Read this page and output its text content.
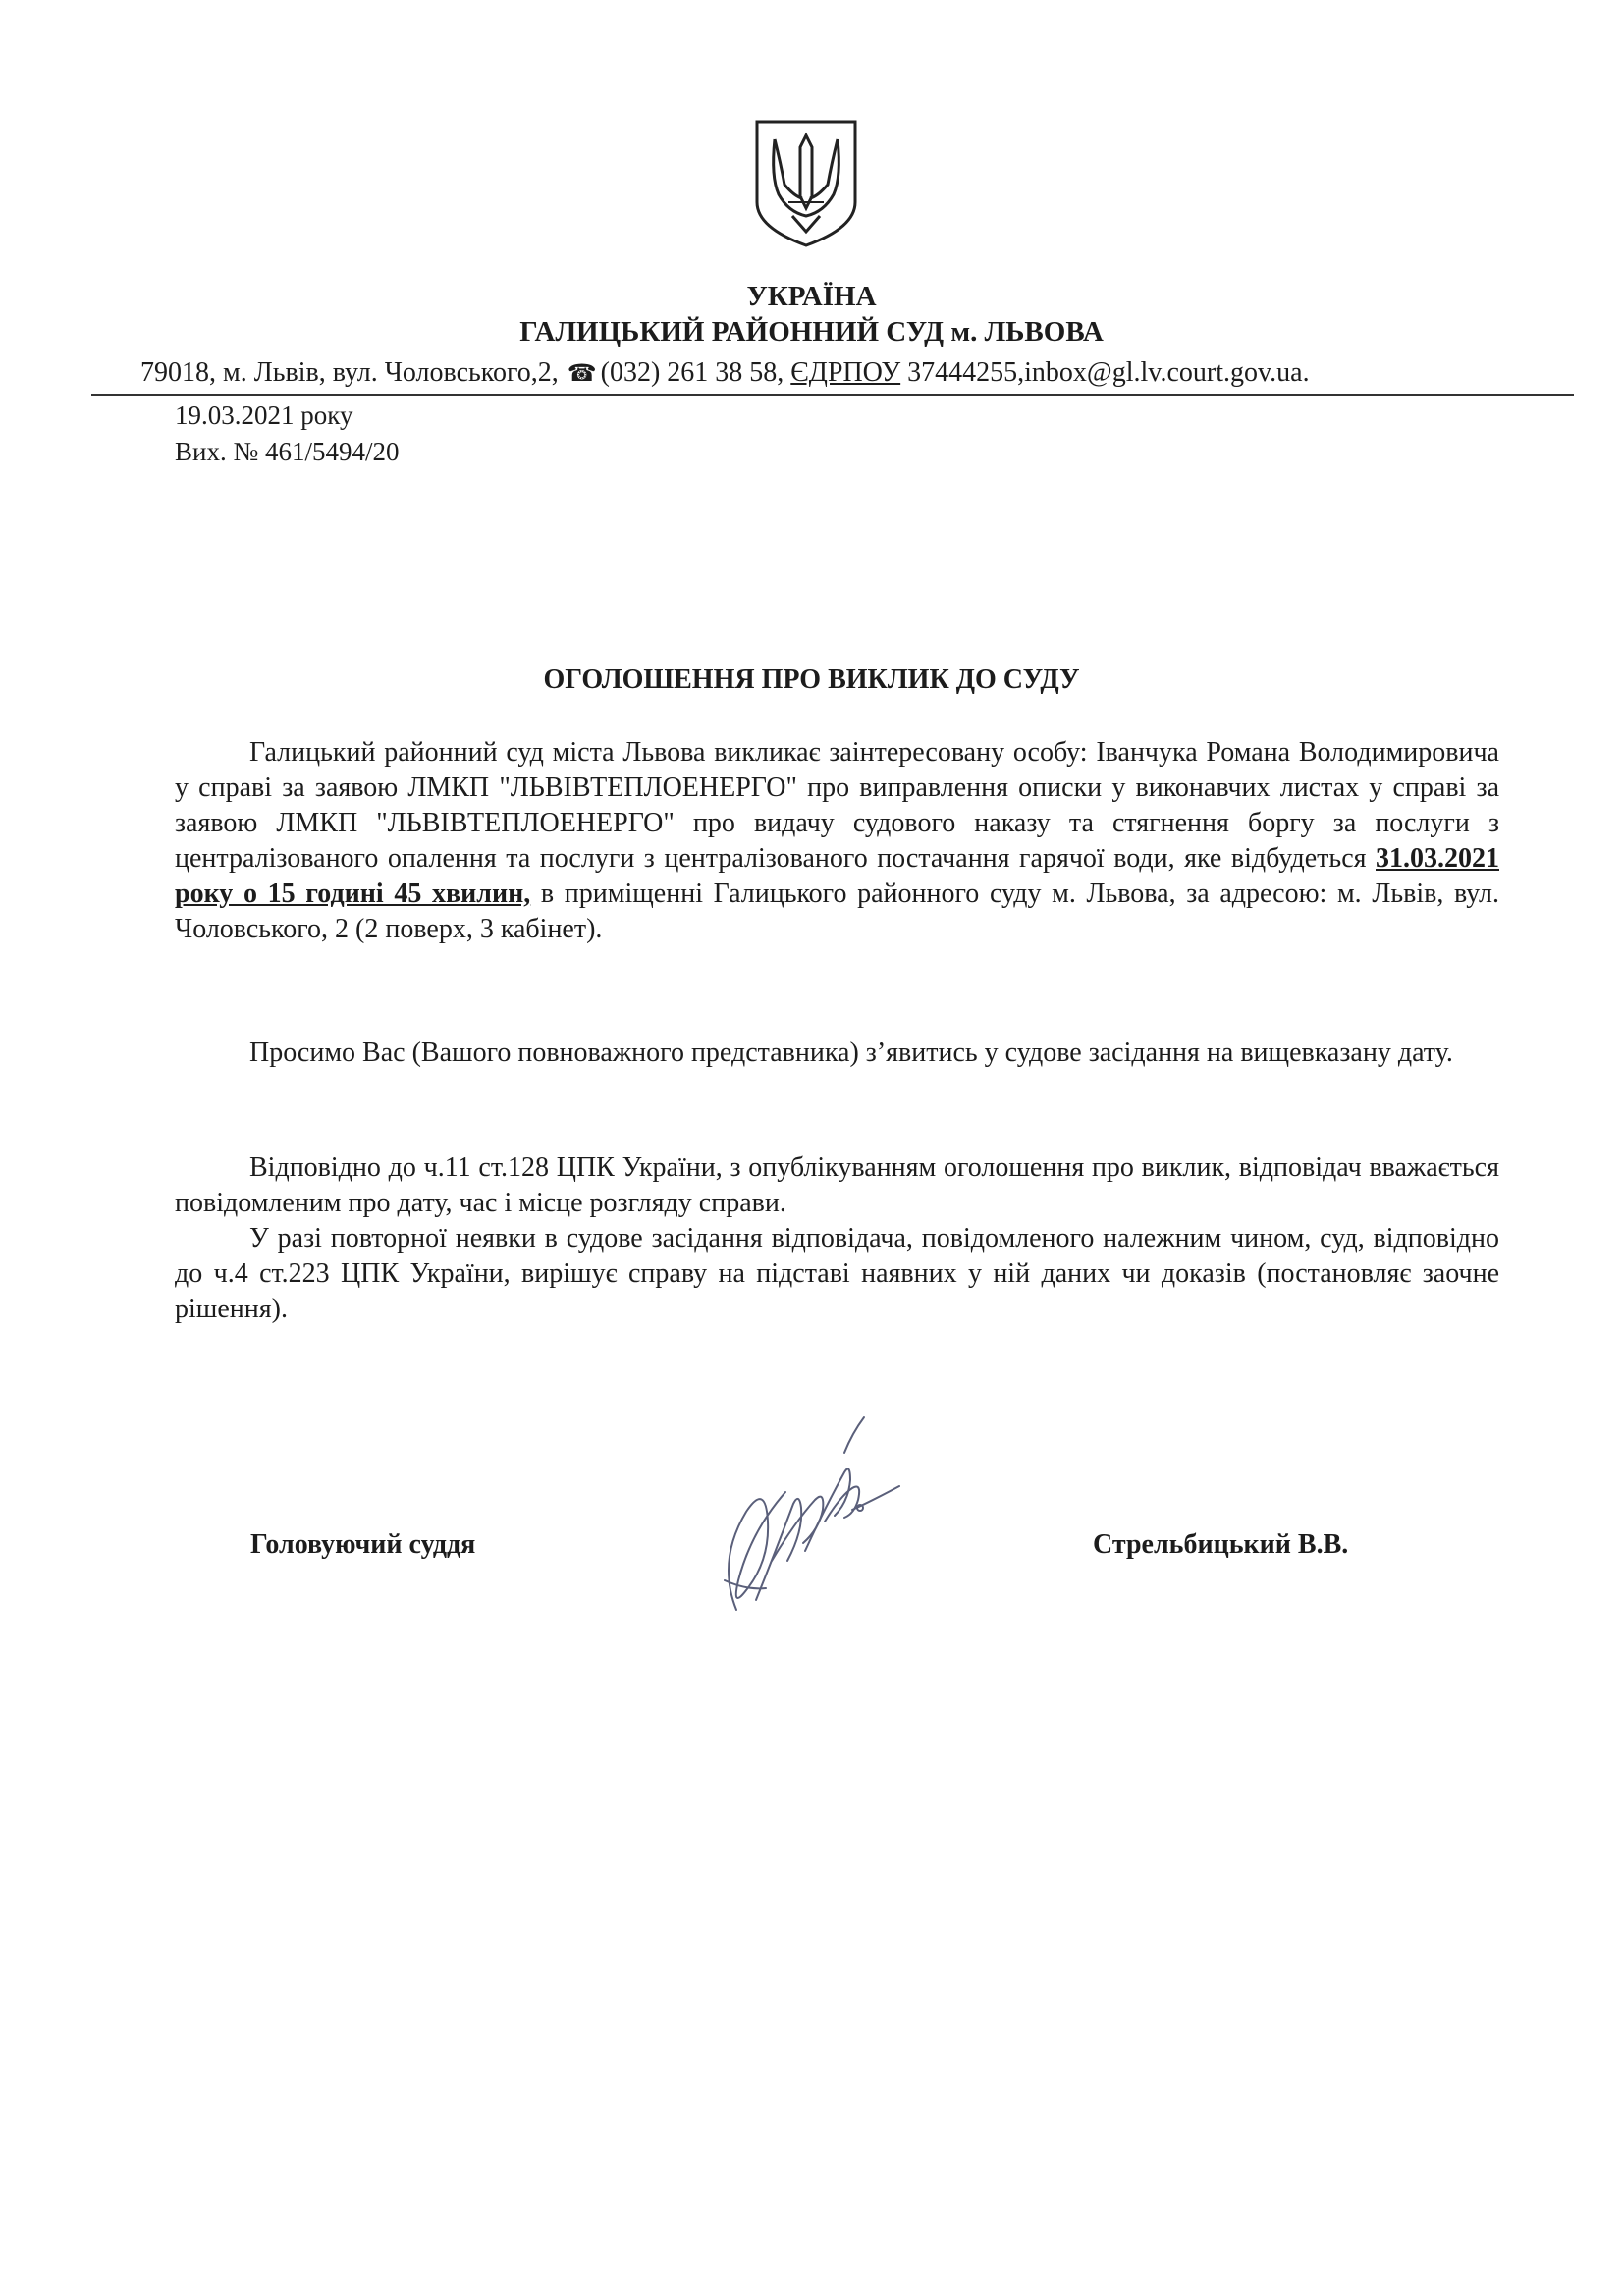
УКРАЇНА
ГАЛИЦЬКИЙ РАЙОННИЙ СУД м. ЛЬВОВА
79018, м. Львів, вул. Чоловського,2, ☎ (032) 261 38 58, ЄДРПОУ 37444255,inbox@gl.lv.court.gov.ua.
19.03.2021 року
Вих. № 461/5494/20
ОГОЛОШЕННЯ ПРО ВИКЛИК ДО СУДУ
Галицький районний суд міста Львова викликає заінтересовану особу: Іванчука Романа Володимировича у справі за заявою ЛМКП "ЛЬВІВТЕПЛОЕНЕРГО" про виправлення описки у виконавчих листах у справі за заявою ЛМКП "ЛЬВІВТЕПЛОЕНЕРГО" про видачу судового наказу та стягнення боргу за послуги з централізованого опалення та послуги з централізованого постачання гарячої води, яке відбудеться 31.03.2021 року о 15 годині 45 хвилин, в приміщенні Галицького районного суду м. Львова, за адресою: м. Львів, вул. Чоловського, 2 (2 поверх, 3 кабінет).
Просимо Вас (Вашого повноважного представника) з’явитись у судове засідання на вищевказану дату.
Відповідно до ч.11 ст.128 ЦПК України, з опублікуванням оголошення про виклик, відповідач вважається повідомленим про дату, час і місце розгляду справи.
У разі повторної неявки в судове засідання відповідача, повідомленого належним чином, суд, відповідно до ч.4 ст.223 ЦПК України, вирішує справу на підставі наявних у ній даних чи доказів (постановляє заочне рішення).
Головуючий суддя	Стрельбицький В.В.
